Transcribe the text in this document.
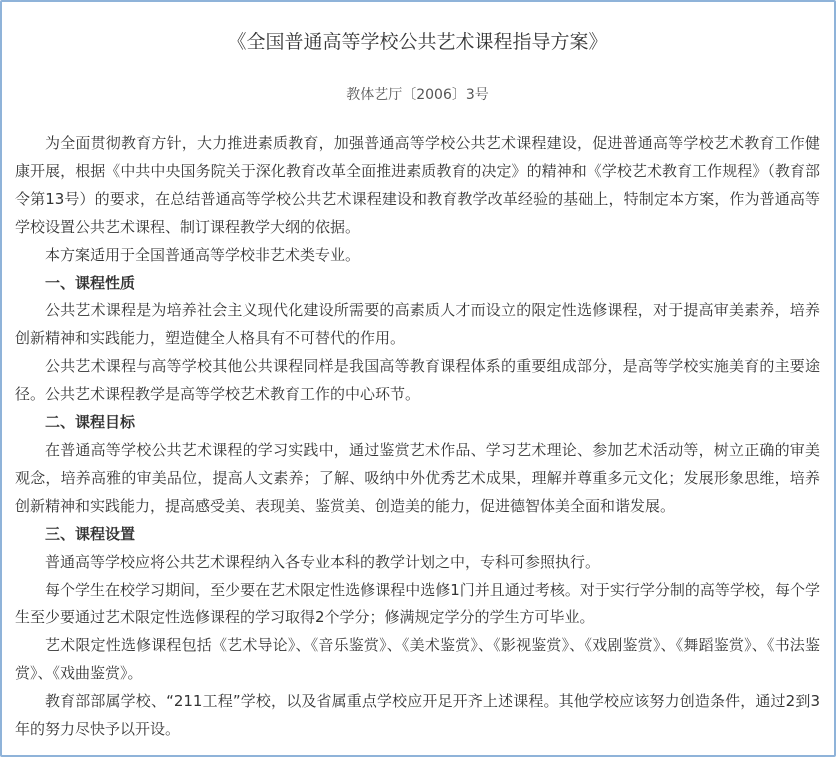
《全国普通高等学校公共艺术课程指导方案》
教体艺厅〔2006〕3号

为全面贯彻教育方针，大力推进素质教育，加强普通高等学校公共艺术课程建设，促进普通高等学校艺术教育工作健康开展，根据《中共中央国务院关于深化教育改革全面推进素质教育的决定》的精神和《学校艺术教育工作规程》（教育部令第13号）的要求，在总结普通高等学校公共艺术课程建设和教育教学改革经验的基础上，特制定本方案，作为普通高等学校设置公共艺术课程、制订课程教学大纲的依据。

本方案适用于全国普通高等学校非艺术类专业。

一、课程性质

公共艺术课程是为培养社会主义现代化建设所需要的高素质人才而设立的限定性选修课程，对于提高审美素养，培养创新精神和实践能力，塑造健全人格具有不可替代的作用。

公共艺术课程与高等学校其他公共课程同样是我国高等教育课程体系的重要组成部分，是高等学校实施美育的主要途径。公共艺术课程教学是高等学校艺术教育工作的中心环节。

二、课程目标

在普通高等学校公共艺术课程的学习实践中，通过鉴赏艺术作品、学习艺术理论、参加艺术活动等，树立正确的审美观念，培养高雅的审美品位，提高人文素养；了解、吸纳中外优秀艺术成果，理解并尊重多元文化；发展形象思维，培养创新精神和实践能力，提高感受美、表现美、鉴赏美、创造美的能力，促进德智体美全面和谐发展。

三、课程设置

普通高等学校应将公共艺术课程纳入各专业本科的教学计划之中，专科可参照执行。

每个学生在校学习期间，至少要在艺术限定性选修课程中选修1门并且通过考核。对于实行学分制的高等学校，每个学生至少要通过艺术限定性选修课程的学习取得2个学分；修满规定学分的学生方可毕业。

艺术限定性选修课程包括《艺术导论》、《音乐鉴赏》、《美术鉴赏》、《影视鉴赏》、《戏剧鉴赏》、《舞蹈鉴赏》、《书法鉴赏》、《戏曲鉴赏》。

教育部部属学校、“211工程”学校，以及省属重点学校应开足开齐上述课程。其他学校应该努力创造条件，通过2到3年的努力尽快予以开设。
